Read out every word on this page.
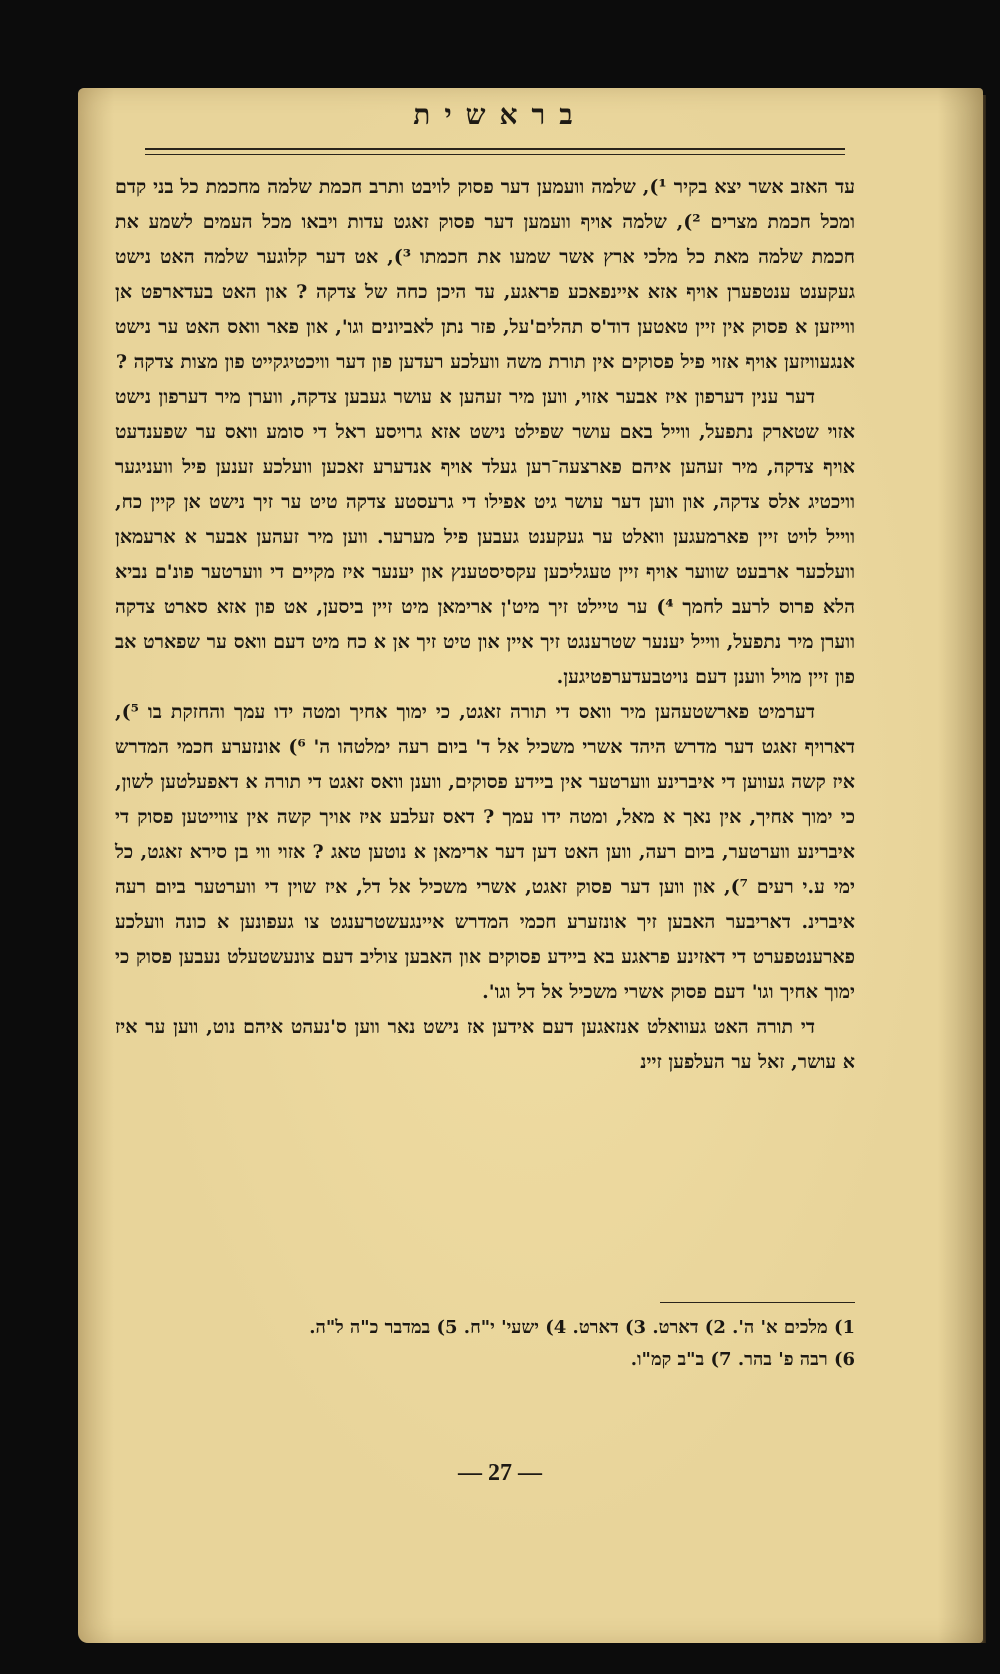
בראשית

עד האזב אשר יצא בקיר ¹), שלמה וועמען דער פסוק לויבט ותרב חכמת שלמה מחכמת כל בני קדם ומכל חכמת מצרים ²), שלמה אויף וועמען דער פסוק זאגט עדות ויבאו מכל העמים לשמע את חכמת שלמה מאת כל מלכי ארץ אשר שמעו את חכמתו ³), אט דער קלוגער שלמה האט נישט געקענט ענטפערן אויף אזא איינפאכע פראגע, עד היכן כחה של צדקה ? און האט בעדארפט אן ווייזען א פסוק אין זיין טאטען דוד'ס תהלים'על, פזר נתן לאביונים וגו', און פאר וואס האט ער נישט אנגעוויזען אויף אזוי פיל פסוקים אין תורת משה וועלכע רעדען פון דער וויכטיגקייט פון מצות צדקה ?

דער ענין דערפון איז אבער אזוי, ווען מיר זעהען א עושר געבען צדקה, ווערן מיר דערפון נישט אזוי שטארק נתפעל, ווייל באם עושר שפילט נישט אזא גרויסע ראל די סומע וואס ער שפענדעט אויף צדקה, מיר זעהען איהם פארצעה־רען געלד אויף אנדערע זאכען וועלכע זענען פיל וועניגער וויכטיג אלס צדקה, און ווען דער עושר גיט אפילו די גרעסטע צדקה טיט ער זיך נישט אן קיין כח, ווייל לויט זיין פארמעגען וואלט ער געקענט געבען פיל מערער. ווען מיר זעהען אבער א ארעמאן וועלכער ארבעט שווער אויף זיין טעגליכען עקסיסטענץ און יענער איז מקיים די ווערטער פונ'ם נביא הלא פרוס לרעב לחמך ⁴) ער טיילט זיך מיט'ן ארימאן מיט זיין ביסען, אט פון אזא סארט צדקה ווערן מיר נתפעל, ווייל יענער שטרענגט זיך איין און טיט זיך אן א כח מיט דעם וואס ער שפארט אב פון זיין מויל ווענן דעם נויטבעדערפטיגען.

דערמיט פארשטעהען מיר וואס די תורה זאגט, כי ימוך אחיך ומטה ידו עמך והחזקת בו ⁵), דארויף זאגט דער מדרש היהד אשרי משכיל אל ד' ביום רעה ימלטהו ה' ⁶) אונזערע חכמי המדרש איז קשה געווען די איברינע ווערטער אין ביידע פסוקים, ווענן וואס זאגט די תורה א דאפעלטען לשון, כי ימוך אחיך, אין נאך א מאל, ומטה ידו עמך ? דאס זעלבע איז אויך קשה אין צווייטען פסוק די איברינע ווערטער, ביום רעה, ווען האט דען דער ארימאן א נוטען טאג ? אזוי ווי בן סירא זאגט, כל ימי ע.י רעים ⁷), און ווען דער פסוק זאגט, אשרי משכיל אל דל, איז שוין די ווערטער ביום רעה איברינ. דאריבער האבען זיך אונזערע חכמי המדרש איינגעשטרענגט צו געפונען א כונה וועלכע פארענטפערט די דאזינע פראגע בא ביידע פסוקים און האבען צוליב דעם צונעשטעלט נעבען פסוק כי ימוך אחיך וגו' דעם פסוק אשרי משכיל אל דל וגו'.

די תורה האט געוואלט אנזאגען דעם אידען אז נישט נאר ווען ס'נעהט איהם נוט, ווען ער איז א עושר, זאל ער העלפען זיינ

1) מלכים א' ה'. 2) דארט. 3) דארט. 4) ישעי' י"ח. 5) במדבר כ"ה ל"ה.
6) רבה פ' בהר. 7) ב"ב קמ"ו.
— 27 —
